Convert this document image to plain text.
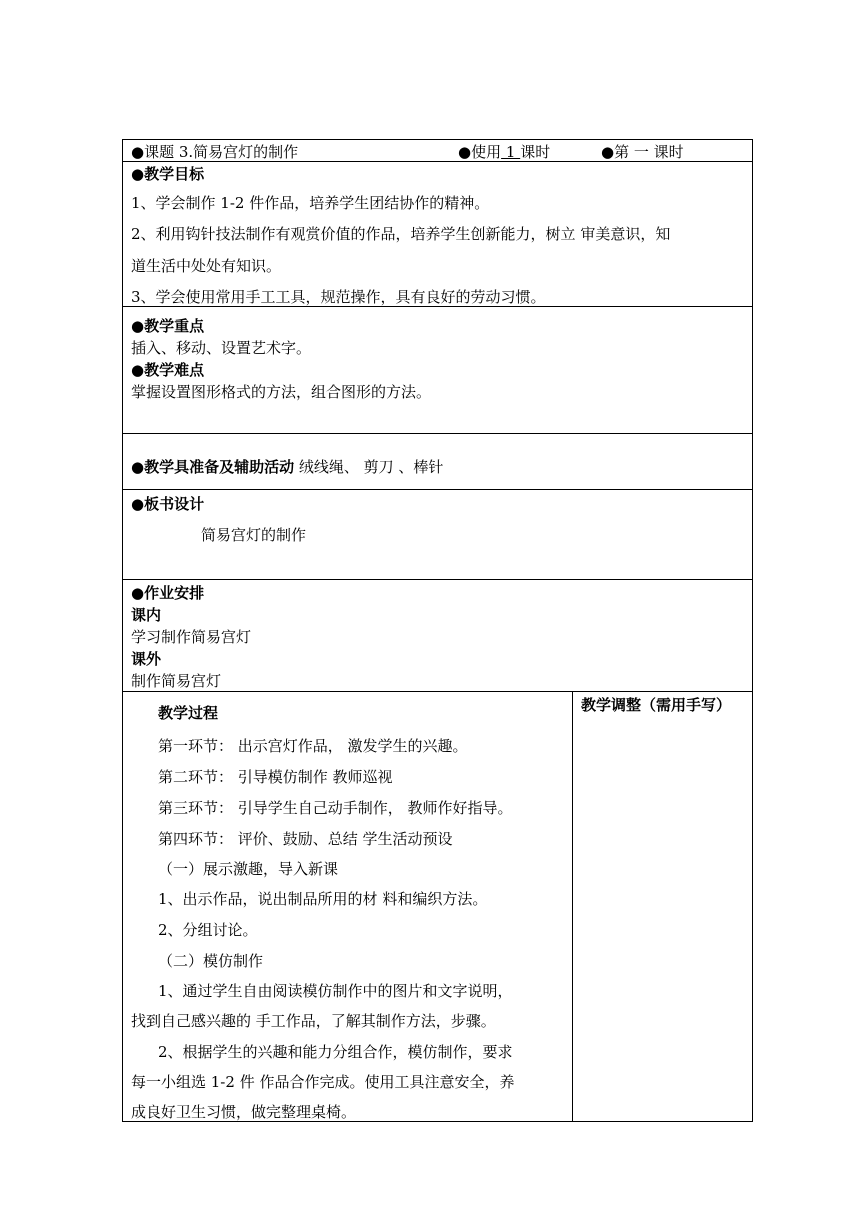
●课题 3.简易宫灯的制作	●使用 1 课时	●第 一 课时
●教学目标
1、学会制作 1-2 件作品，培养学生团结协作的精神。
2、利用钩针技法制作有观赏价值的作品，培养学生创新能力，树立 审美意识，知
道生活中处处有知识。
3、学会使用常用手工工具，规范操作，具有良好的劳动习惯。
●教学重点
插入、移动、设置艺术字。
●教学难点
掌握设置图形格式的方法，组合图形的方法。
●教学具准备及辅助活动 绒线绳、 剪刀 、棒针
●板书设计
简易宫灯的制作
●作业安排
课内
学习制作简易宫灯
课外
制作简易宫灯
教学过程	教学调整（需用手写）
第一环节： 出示宫灯作品， 激发学生的兴趣。
第二环节： 引导模仿制作 教师巡视
第三环节： 引导学生自己动手制作， 教师作好指导。
第四环节： 评价、鼓励、总结 学生活动预设
（一）展示激趣，导入新课
1、出示作品，说出制品所用的材 料和编织方法。
2、分组讨论。
（二）模仿制作
1、通过学生自由阅读模仿制作中的图片和文字说明，
找到自己感兴趣的 手工作品，了解其制作方法，步骤。
2、根据学生的兴趣和能力分组合作，模仿制作，要求
每一小组选 1-2 件 作品合作完成。使用工具注意安全，养
成良好卫生习惯，做完整理桌椅。
